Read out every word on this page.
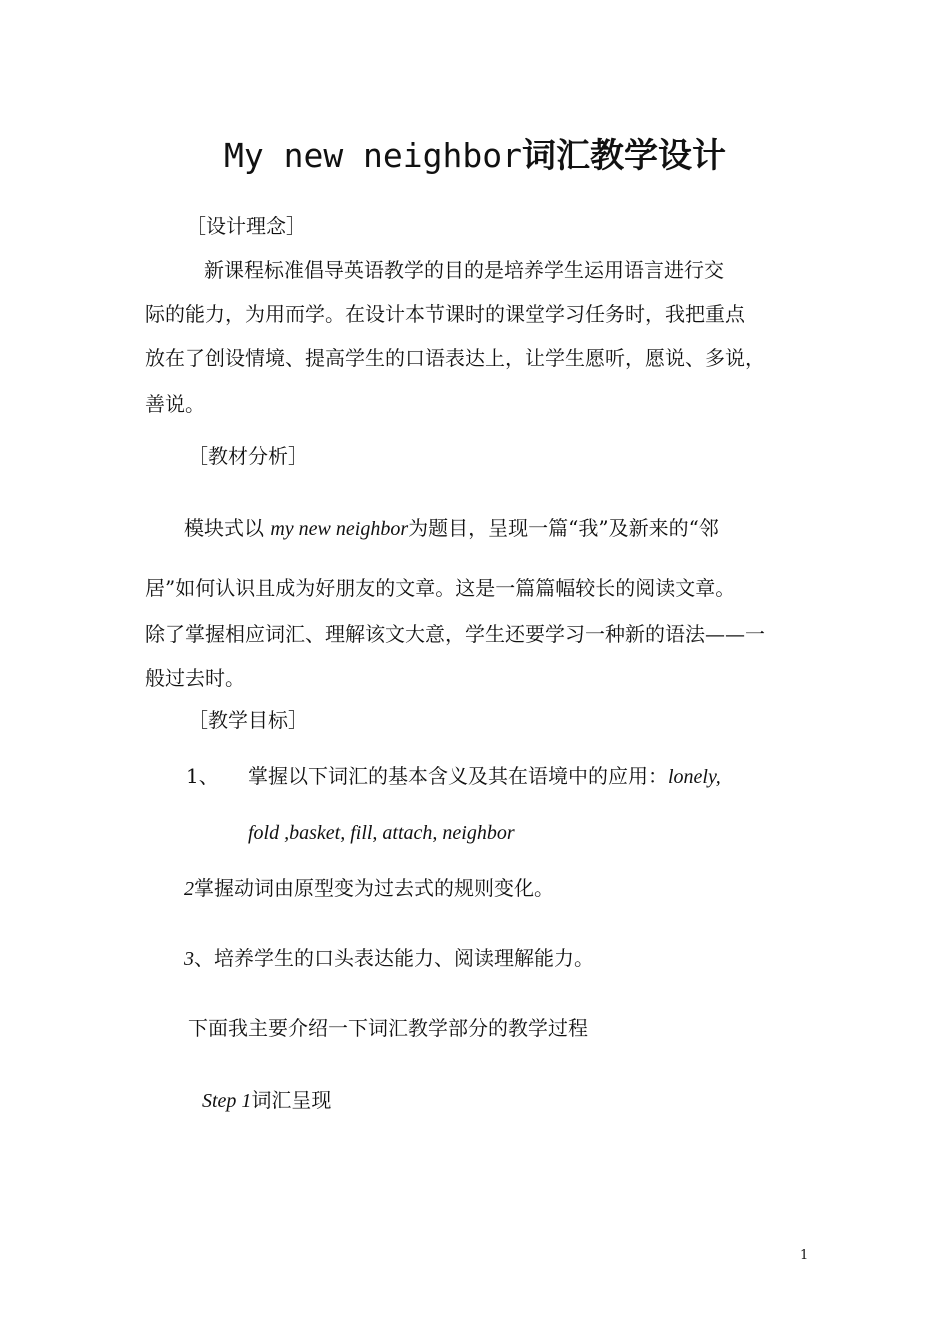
My new neighbor词汇教学设计
［设计理念］
新课程标准倡导英语教学的目的是培养学生运用语言进行交
际的能力，为用而学。在设计本节课时的课堂学习任务时，我把重点
放在了创设情境、提高学生的口语表达上，让学生愿听，愿说、多说，
善说。
［教材分析］
模块式以 my new neighbor为题目，呈现一篇“我”及新来的“邻
居”如何认识且成为好朋友的文章。这是一篇篇幅较长的阅读文章。
除了掌握相应词汇、理解该文大意，学生还要学习一种新的语法——一
般过去时。
［教学目标］
1、 掌握以下词汇的基本含义及其在语境中的应用：lonely,
fold ,basket, fill, attach, neighbor
2掌握动词由原型变为过去式的规则变化。
3、培养学生的口头表达能力、阅读理解能力。
下面我主要介绍一下词汇教学部分的教学过程
Step 1词汇呈现
1
